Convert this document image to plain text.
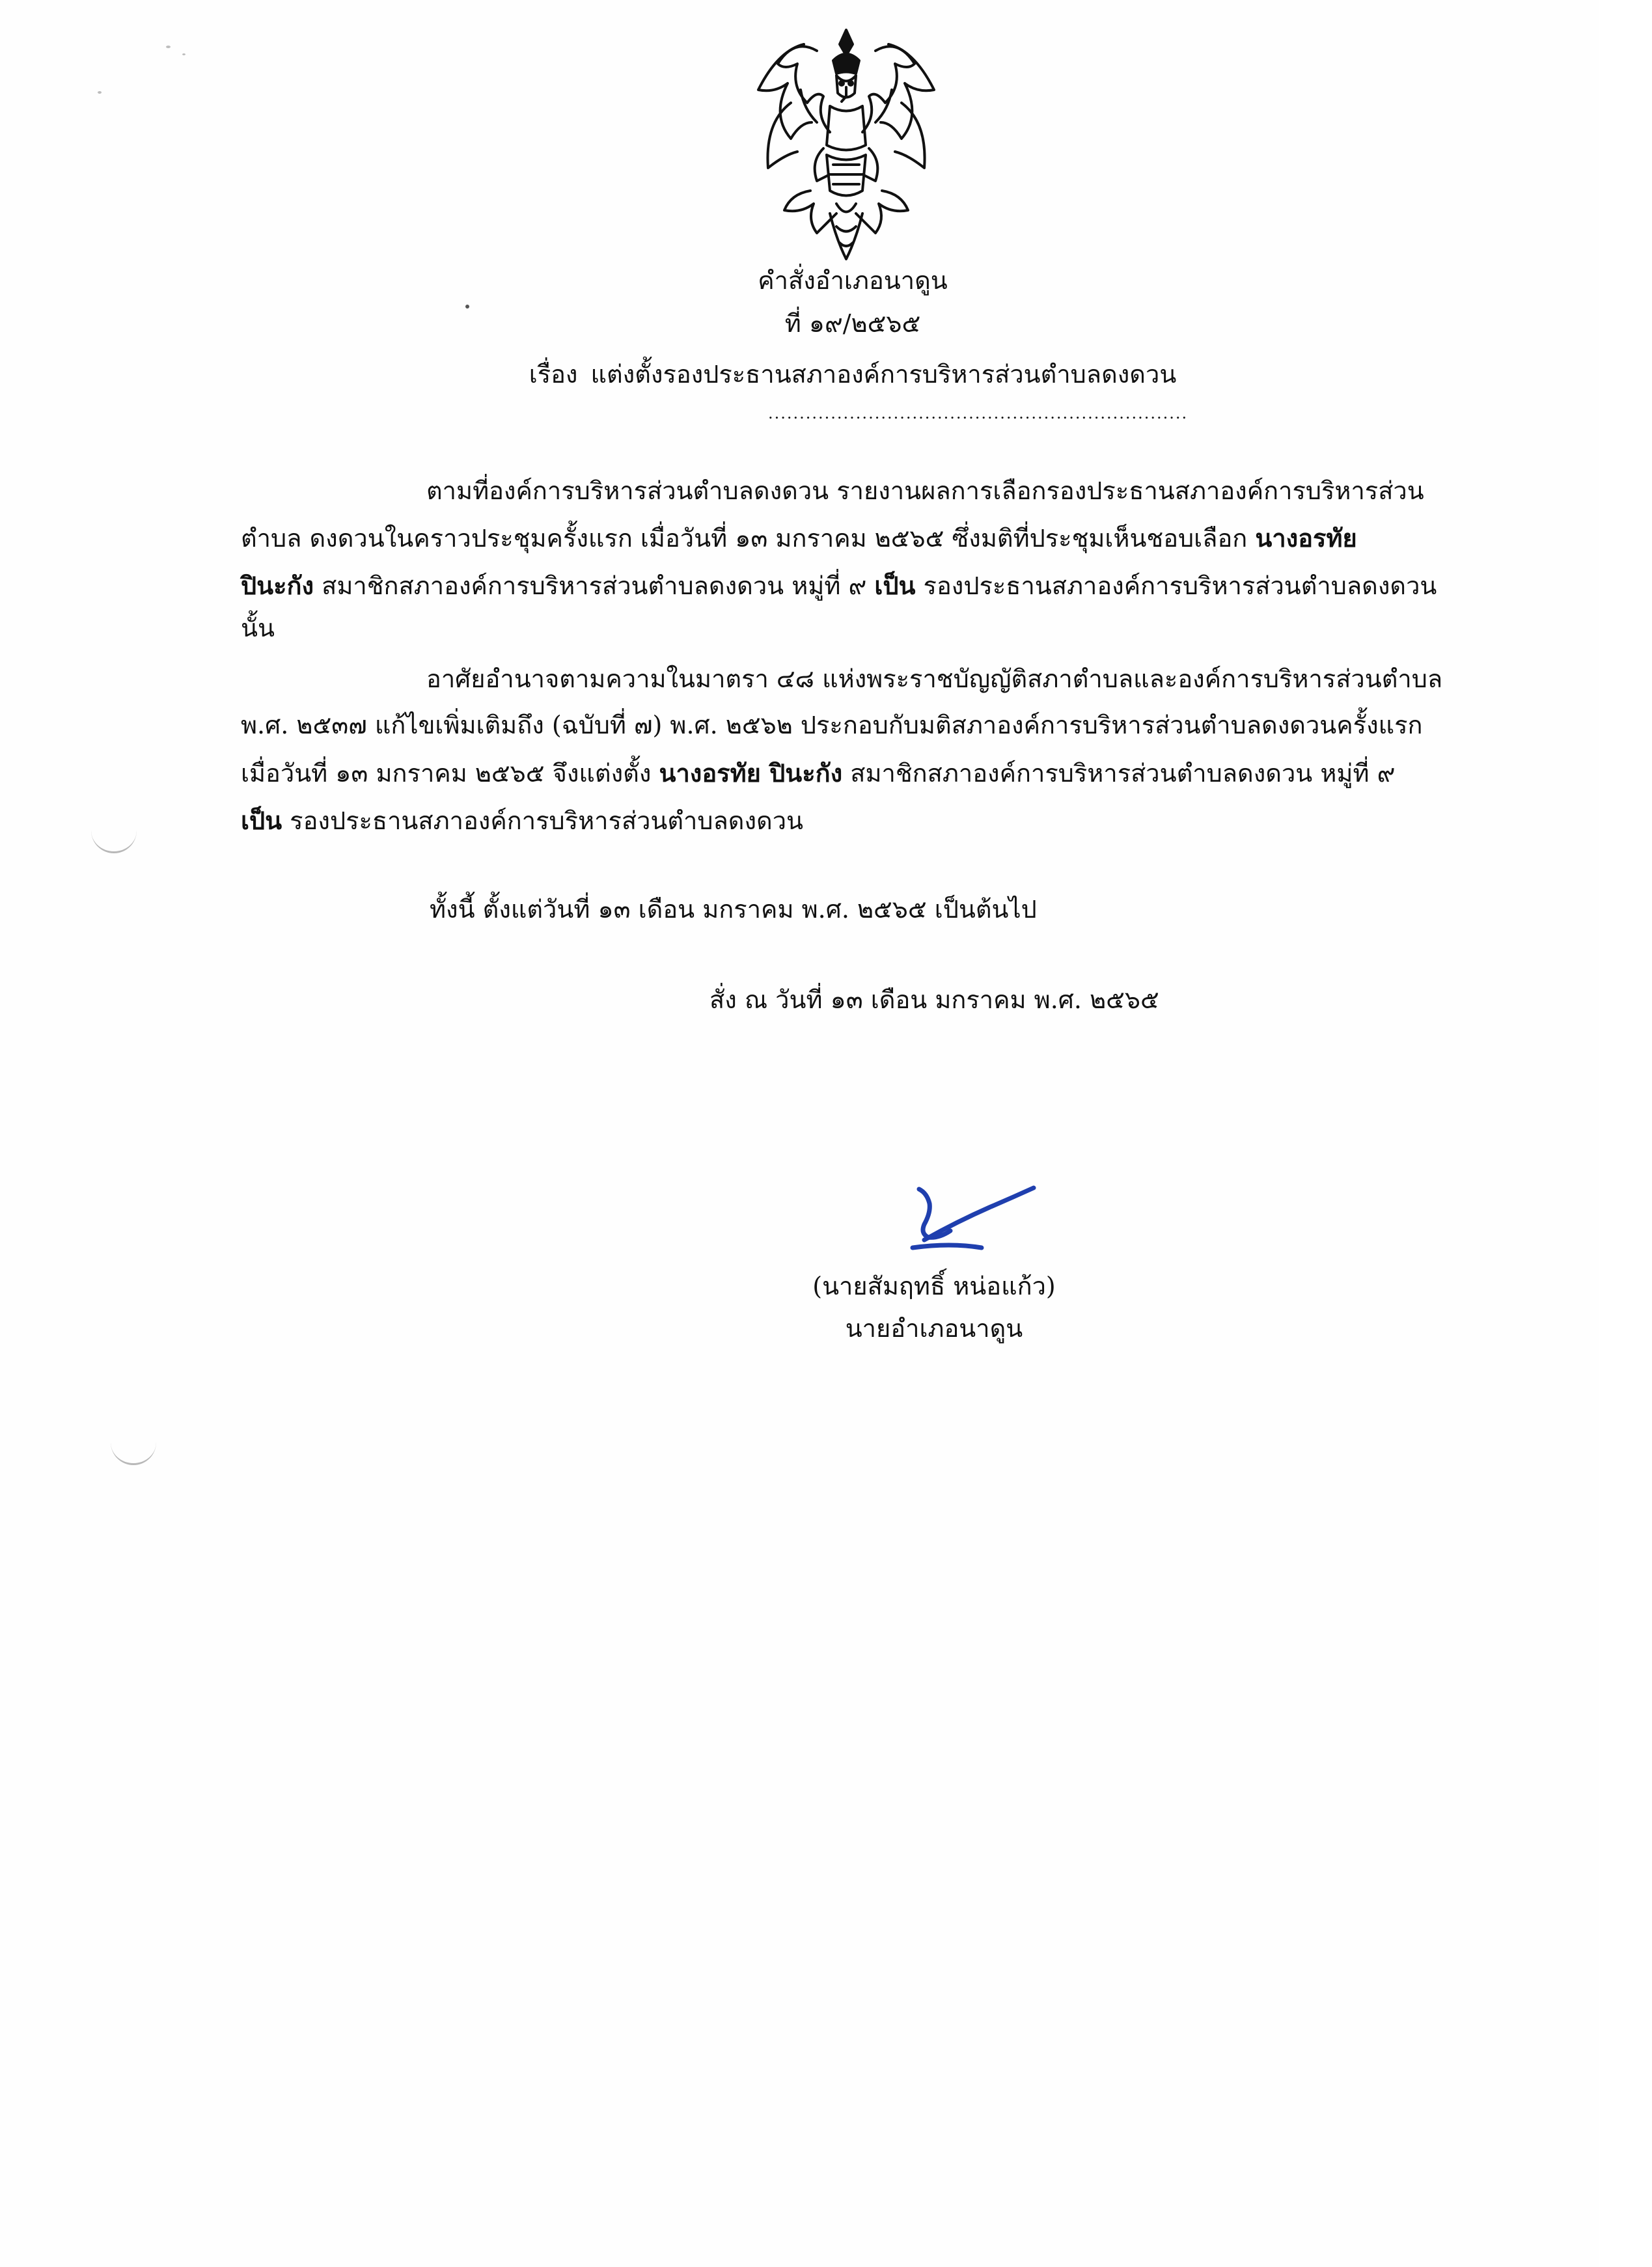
คำสั่งอำเภอนาดูน
ที่ ๑๙/๒๕๖๕
เรื่อง แต่งตั้งรองประธานสภาองค์การบริหารส่วนตำบลดงดวน
...................................................................
ตามที่องค์การบริหารส่วนตำบลดงดวน รายงานผลการเลือกรองประธานสภาองค์การบริหารส่วน
ตำบล ดงดวนในคราวประชุมครั้งแรก เมื่อวันที่ ๑๓ มกราคม ๒๕๖๕ ซึ่งมติที่ประชุมเห็นชอบเลือก นางอรทัย
ปินะกัง สมาชิกสภาองค์การบริหารส่วนตำบลดงดวน หมู่ที่ ๙ เป็น รองประธานสภาองค์การบริหารส่วนตำบลดงดวน
นั้น
อาศัยอำนาจตามความในมาตรา ๔๘ แห่งพระราชบัญญัติสภาตำบลและองค์การบริหารส่วนตำบล
พ.ศ. ๒๕๓๗ แก้ไขเพิ่มเติมถึง (ฉบับที่ ๗) พ.ศ. ๒๕๖๒ ประกอบกับมติสภาองค์การบริหารส่วนตำบลดงดวนครั้งแรก
เมื่อวันที่ ๑๓ มกราคม ๒๕๖๕ จึงแต่งตั้ง นางอรทัย ปินะกัง สมาชิกสภาองค์การบริหารส่วนตำบลดงดวน หมู่ที่ ๙
เป็น รองประธานสภาองค์การบริหารส่วนตำบลดงดวน
ทั้งนี้ ตั้งแต่วันที่ ๑๓ เดือน มกราคม พ.ศ. ๒๕๖๕ เป็นต้นไป
สั่ง ณ วันที่ ๑๓ เดือน มกราคม พ.ศ. ๒๕๖๕
(นายสัมฤทธิ์ หน่อแก้ว)
นายอำเภอนาดูน
